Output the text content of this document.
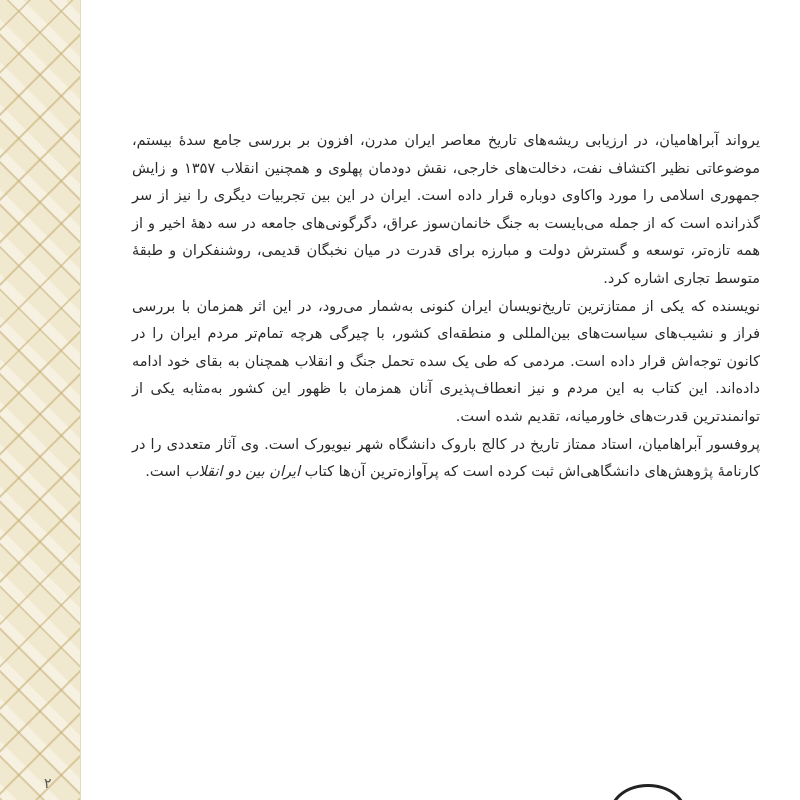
یرواند آبراهامیان، در ارزیابی ریشه‌های تاریخ معاصر ایران مدرن، افزون بر بررسی جامع سدهٔ بیستم، موضوعاتی نظیر اکتشاف نفت، دخالت‌های خارجی، نقش دودمان پهلوی و همچنین انقلاب ۱۳۵۷ و زایش جمهوری اسلامی را مورد واکاوی دوباره قرار داده است. ایران در این بین تجربیات دیگری را نیز از سر گذرانده است که از جمله می‌بایست به جنگ خانمان‌سوز عراق، دگرگونی‌های جامعه در سه دههٔ اخیر و از همه تازه‌تر، توسعه و گسترش دولت و مبارزه برای قدرت در میان نخبگان قدیمی، روشنفکران و طبقهٔ متوسط تجاری اشاره کرد.

نویسنده که یکی از ممتازترین تاریخ‌نویسان ایران کنونی به‌شمار می‌رود، در این اثر همزمان با بررسی فراز و نشیب‌های سیاست‌های بین‌المللی و منطقه‌ای کشور، با چیرگی هرچه تمام‌تر مردم ایران را در کانون توجه‌اش قرار داده است. مردمی که طی یک سده تحمل جنگ و انقلاب همچنان به بقای خود ادامه داده‌اند. این کتاب به این مردم و نیز انعطاف‌پذیری آنان همزمان با ظهور این کشور به‌مثابه یکی از توانمندترین قدرت‌های خاورمیانه، تقدیم شده است.

پروفسور آبراهامیان، استاد ممتاز تاریخ در کالج باروک دانشگاه شهر نیویورک است. وی آثار متعددی را در کارنامهٔ پژوهش‌های دانشگاهی‌اش ثبت کرده است که پرآوازه‌ترین آن‌ها کتاب ایران بین دو انقلاب است.

۲
